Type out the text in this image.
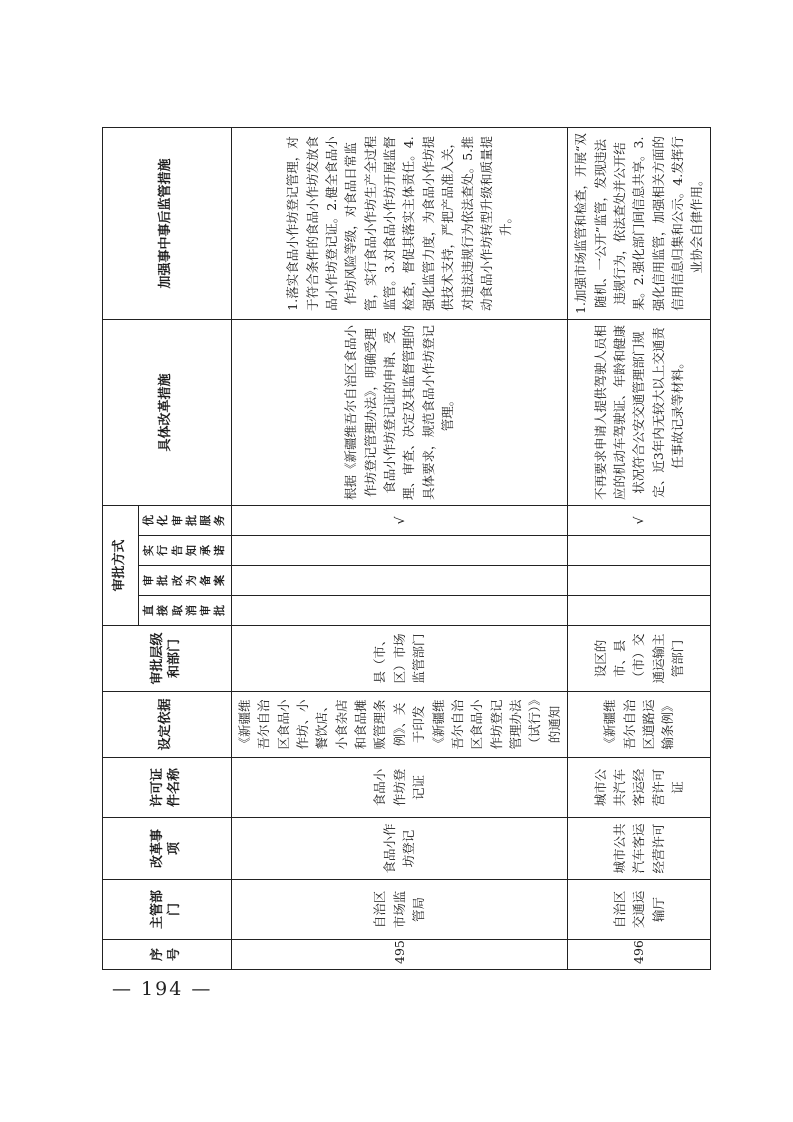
序号	主管部门	改革事项	许可证件名称	设定依据	审批层级和部门	审批方式				具体改革措施	加强事中事后监管措施
						直接取消审批	审批改为备案	实行告知承诺	优化审批服务		
495	自治区市场监管局	食品小作坊登记	食品小作坊登记证	《新疆维吾尔自治区食品小作坊、小餐饮店、小食杂店和食品摊贩管理条例》、关于印发《新疆维吾尔自治区食品小作坊登记管理办法（试行）》的通知	县（市、区）市场监管部门				√	根据《新疆维吾尔自治区食品小作坊登记管理办法》，明确受理食品小作坊登记证的申请、受理、审查、决定及其监督管理的具体要求，规范食品小作坊登记管理。	1.落实食品小作坊登记管理，对于符合条件的食品小作坊发放食品小作坊登记证。2.健全食品小作坊风险等级，对食品日常监管，实行食品小作坊生产全过程监管。3.对食品小作坊开展监督检查，督促其落实主体责任。4.强化监管力度，为食品小作坊提供技术支持，严把产品准入关，对违法违规行为依法查处。5.推动食品小作坊转型升级和质量提升。
496	自治区交通运输厅	城市公共汽车客运经营许可	城市公共汽车客运经营许可证	《新疆维吾尔自治区道路运输条例》	设区的市、县（市）交通运输主管部门				√	不再要求申请人提供驾驶人员相应的机动车驾驶证、年龄和健康状况符合公安交通管理部门规定、近3年内无较大以上交通责任事故记录等材料。	1.加强市场监管和检查，开展“双随机、一公开”监管，发现违法违规行为，依法查处并公开结果。2.强化部门间信息共享。3.强化信用监管，加强相关方面的信用信息归集和公示。4.发挥行业协会自律作用。
— 194 —
